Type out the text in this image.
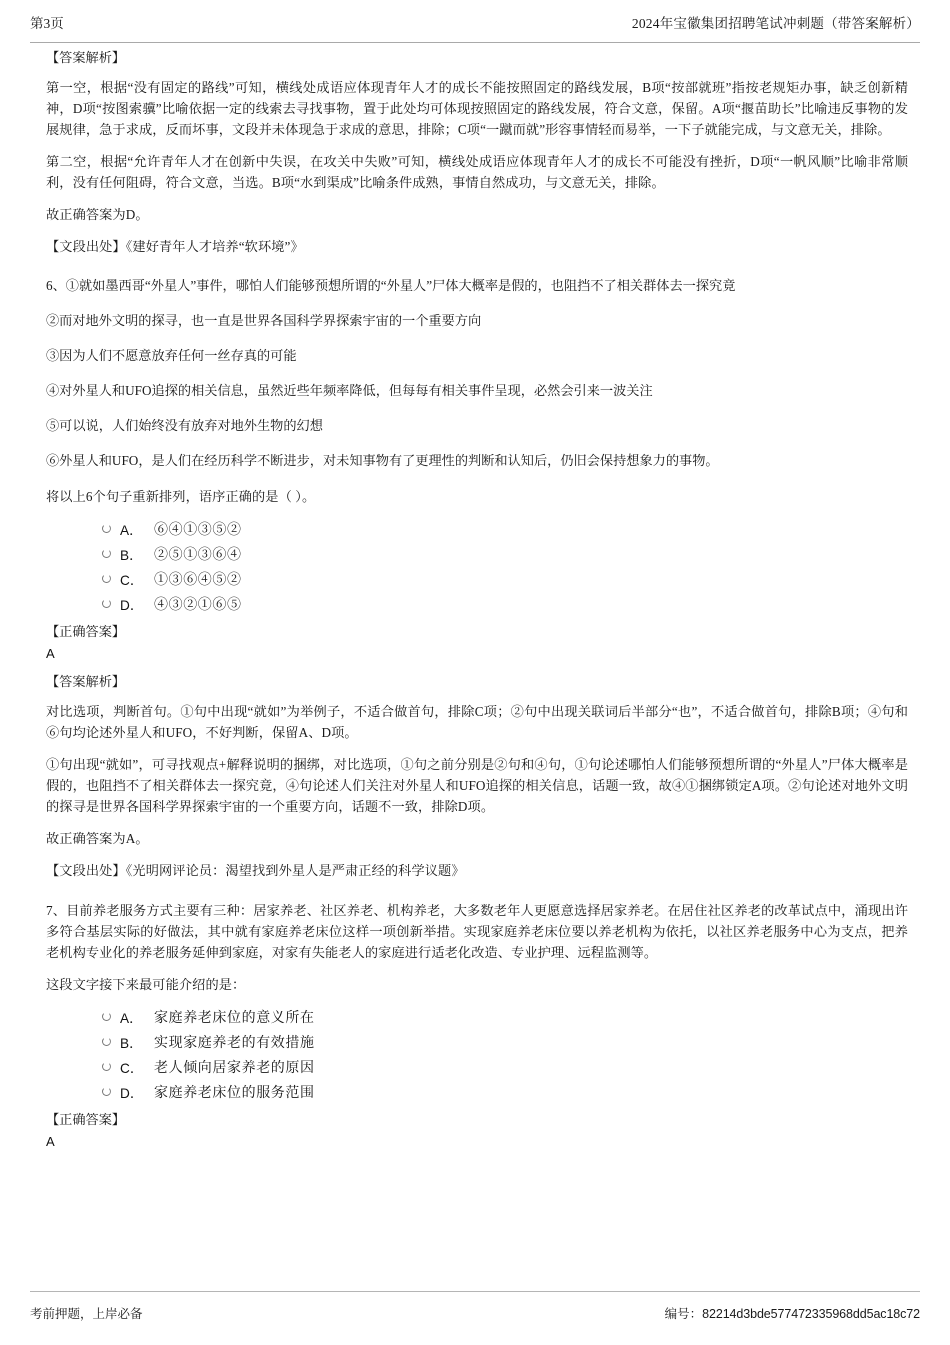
第3页	2024年宝徽集团招聘笔试冲刺题（带答案解析）
【答案解析】

第一空，根据“没有固定的路线”可知，横线处成语应体现青年人才的成长不能按照固定的路线发展，B项“按部就班”指按老规矩办事，缺乏创新精神，D项“按图索骥”比喻依据一定的线索去寻找事物，置于此处均可体现按照固定的路线发展，符合文意，保留。A项“揠苗助长”比喻违反事物的发展规律，急于求成，反而坏事，文段并未体现急于求成的意思，排除；C项“一蹴而就”形容事情轻而易举，一下子就能完成，与文意无关，排除。

第二空，根据“允许青年人才在创新中失误，在攻关中失败”可知，横线处成语应体现青年人才的成长不可能没有挫折，D项“一帆风顺”比喻非常顺利，没有任何阻碍，符合文意，当选。B项“水到渠成”比喻条件成熟，事情自然成功，与文意无关，排除。

故正确答案为D。

【文段出处】《建好青年人才培养“软环境”》

6、①就如墨西哥“外星人”事件，哪怕人们能够预想所谓的“外星人”尸体大概率是假的，也阻挡不了相关群体去一探究竟

②而对地外文明的探寻，也一直是世界各国科学界探索宇宙的一个重要方向

③因为人们不愿意放弃任何一丝存真的可能

④对外星人和UFO追探的相关信息，虽然近些年频率降低，但每每有相关事件呈现，必然会引来一波关注

⑤可以说，人们始终没有放弃对地外生物的幻想

⑥外星人和UFO，是人们在经历科学不断进步，对未知事物有了更理性的判断和认知后，仍旧会保持想象力的事物。

将以上6个句子重新排列，语序正确的是（ ）。

A． ⑥④①③⑤②
B． ②⑤①③⑥④
C． ①③⑥④⑤②
D． ④③②①⑥⑤
【正确答案】
A
【答案解析】

对比选项，判断首句。①句中出现“就如”为举例子，不适合做首句，排除C项；②句中出现关联词后半部分“也”，不适合做首句，排除B项；④句和⑥句均论述外星人和UFO，不好判断，保留A、D项。

①句出现“就如”，可寻找观点+解释说明的捆绑，对比选项，①句之前分别是②句和④句，①句论述哪怕人们能够预想所谓的“外星人”尸体大概率是假的，也阻挡不了相关群体去一探究竟，④句论述人们关注对外星人和UFO追探的相关信息，话题一致，故④①捆绑锁定A项。②句论述对地外文明的探寻是世界各国科学界探索宇宙的一个重要方向，话题不一致，排除D项。

故正确答案为A。

【文段出处】《光明网评论员：渴望找到外星人是严肃正经的科学议题》

7、目前养老服务方式主要有三种：居家养老、社区养老、机构养老，大多数老年人更愿意选择居家养老。在居住社区养老的改革试点中，涌现出许多符合基层实际的好做法，其中就有家庭养老床位这样一项创新举措。实现家庭养老床位要以养老机构为依托，以社区养老服务中心为支点，把养老机构专业化的养老服务延伸到家庭，对家有失能老人的家庭进行适老化改造、专业护理、远程监测等。

这段文字接下来最可能介绍的是：

A． 家庭养老床位的意义所在
B． 实现家庭养老的有效措施
C． 老人倾向居家养老的原因
D． 家庭养老床位的服务范围
【正确答案】
A
考前押题，上岸必备	编号：82214d3bde577472335968dd5ac18c72
